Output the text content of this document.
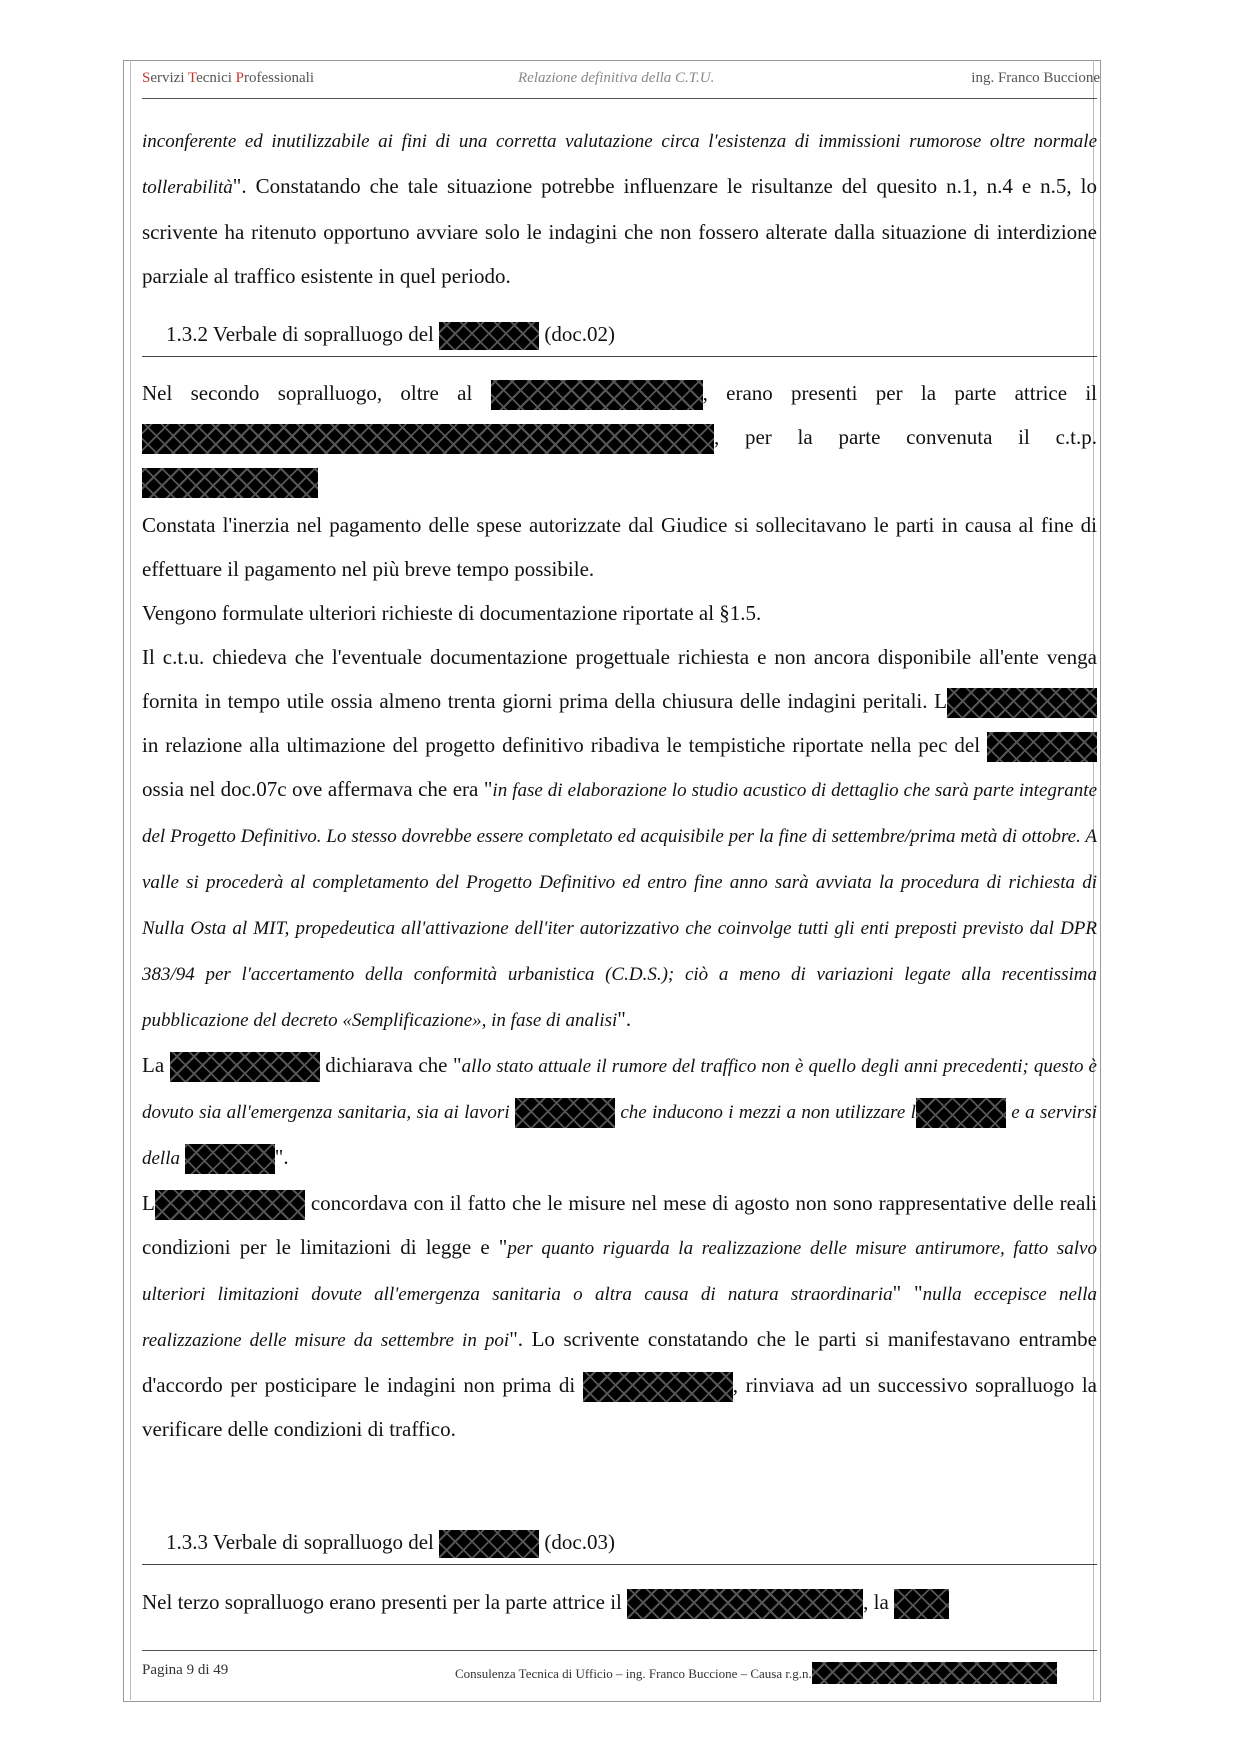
Servizi Tecnici Professionali	Relazione definitiva della C.T.U.	ing. Franco Buccione

inconferente ed inutilizzabile ai fini di una corretta valutazione circa l'esistenza di immissioni rumorose oltre normale tollerabilità". Constatando che tale situazione potrebbe influenzare le risultanze del quesito n.1, n.4 e n.5, lo scrivente ha ritenuto opportuno avviare solo le indagini che non fossero alterate dalla situazione di interdizione parziale al traffico esistente in quel periodo.

1.3.2 Verbale di sopralluogo del	(doc.02)

Nel secondo sopralluogo, oltre al	, erano presenti per la parte attrice il , per la parte convenuta il c.t.p.

Constata l'inerzia nel pagamento delle spese autorizzate dal Giudice si sollecitavano le parti in causa al fine di effettuare il pagamento nel più breve tempo possibile.

Vengono formulate ulteriori richieste di documentazione riportate al §1.5.

Il c.t.u. chiedeva che l'eventuale documentazione progettuale richiesta e non ancora disponibile all'ente venga fornita in tempo utile ossia almeno trenta giorni prima della chiusura delle indagini peritali. L in relazione alla ultimazione del progetto definitivo ribadiva le tempistiche riportate nella pec del  ossia nel doc.07c ove affermava che era "in fase di elaborazione lo studio acustico di dettaglio che sarà parte integrante del Progetto Definitivo. Lo stesso dovrebbe essere completato ed acquisibile per la fine di settembre/prima metà di ottobre. A valle si procederà al completamento del Progetto Definitivo ed entro fine anno sarà avviata la procedura di richiesta di Nulla Osta al MIT, propedeutica all'attivazione dell'iter autorizzativo che coinvolge tutti gli enti preposti previsto dal DPR 383/94 per l'accertamento della conformità urbanistica (C.D.S.); ciò a meno di variazioni legate alla recentissima pubblicazione del decreto «Semplificazione», in fase di analisi".

La	dichiarava che "allo stato attuale il rumore del traffico non è quello degli anni precedenti; questo è dovuto sia all'emergenza sanitaria, sia ai lavori	che inducono i mezzi a non utilizzare l	e a servirsi della	".

L	concordava con il fatto che le misure nel mese di agosto non sono rappresentative delle reali condizioni per le limitazioni di legge e "per quanto riguarda la realizzazione delle misure antirumore, fatto salvo ulteriori limitazioni dovute all'emergenza sanitaria o altra causa di natura straordinaria" "nulla eccepisce nella realizzazione delle misure da settembre in poi". Lo scrivente constatando che le parti si manifestavano entrambe d'accordo per posticipare le indagini non prima di	, rinviava ad un successivo sopralluogo la verificare delle condizioni di traffico.

1.3.3 Verbale di sopralluogo del	(doc.03)

Nel terzo sopralluogo erano presenti per la parte attrice il	, la

Pagina 9 di 49	Consulenza Tecnica di Ufficio – ing. Franco Buccione – Causa r.g.n.
